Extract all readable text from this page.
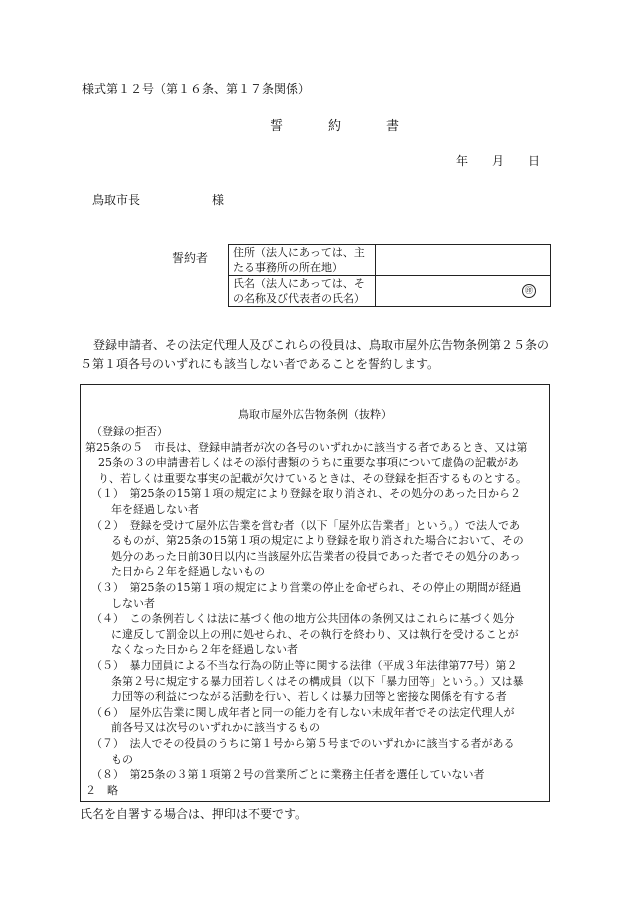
様式第１２号（第１６条、第１７条関係）
誓　約　書
年 月 日
鳥取市長	様
誓約者 住所（法人にあっては、主たる事務所の所在地）	
氏名（法人にあっては、その名称及び代表者の氏名）	㊞
登録申請者、その法定代理人及びこれらの役員は、鳥取市屋外広告物条例第２５条の５第１項各号のいずれにも該当しない者であることを誓約します。
鳥取市屋外広告物条例（抜粋）
（登録の拒否）
第25条の５　市長は、登録申請者が次の各号のいずれかに該当する者であるとき、又は第
25条の３の申請書若しくはその添付書類のうちに重要な事項について虚偽の記載があ
り、若しくは重要な事実の記載が欠けているときは、その登録を拒否するものとする。
（１）　第25条の15第１項の規定により登録を取り消され、その処分のあった日から２
年を経過しない者
（２）　登録を受けて屋外広告業を営む者（以下「屋外広告業者」という。）で法人であ
るものが、第25条の15第１項の規定により登録を取り消された場合において、その
処分のあった日前30日以内に当該屋外広告業者の役員であった者でその処分のあっ
た日から２年を経過しないもの
（３）　第25条の15第１項の規定により営業の停止を命ぜられ、その停止の期間が経過
しない者
（４）　この条例若しくは法に基づく他の地方公共団体の条例又はこれらに基づく処分
に違反して罰金以上の刑に処せられ、その執行を終わり、又は執行を受けることが
なくなった日から２年を経過しない者
（５）　暴力団員による不当な行為の防止等に関する法律（平成３年法律第77号）第２
条第２号に規定する暴力団若しくはその構成員（以下「暴力団等」という。）又は暴
力団等の利益につながる活動を行い、若しくは暴力団等と密接な関係を有する者
（６）　屋外広告業に関し成年者と同一の能力を有しない未成年者でその法定代理人が
前各号又は次号のいずれかに該当するもの
（７）　法人でその役員のうちに第１号から第５号までのいずれかに該当する者がある
もの
（８）　第25条の３第１項第２号の営業所ごとに業務主任者を選任していない者
２　略
氏名を自署する場合は、押印は不要です。
